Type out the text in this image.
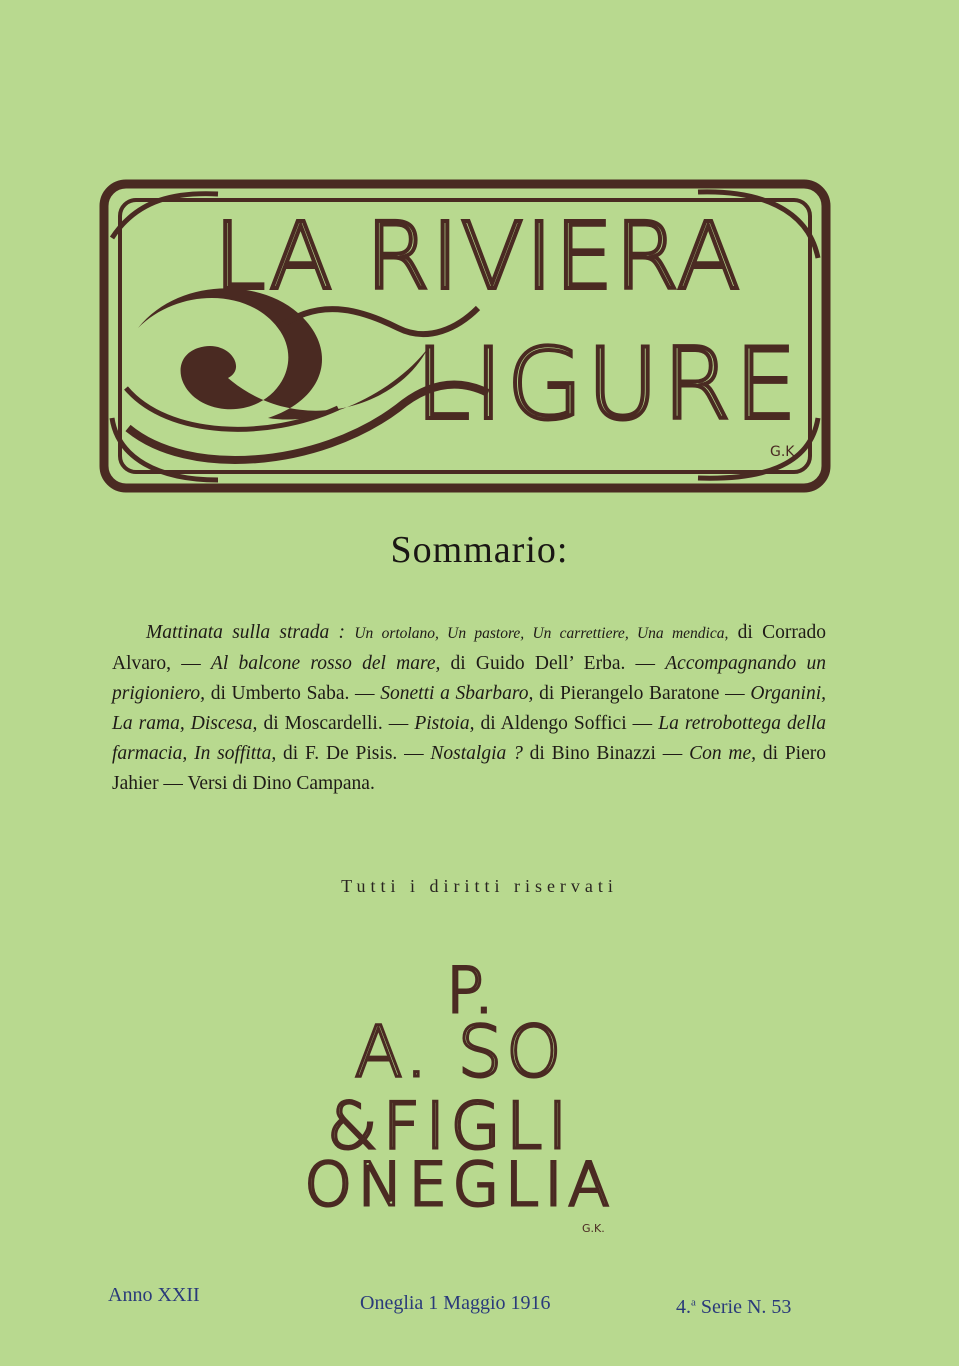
LA RIVIERA
LIGURE
G.K.
Sommario:
Mattinata sulla strada : Un ortolano, Un pastore, Un carrettiere, Una mendica, di Corrado Alvaro, — Al balcone rosso del mare, di Guido Dell’ Erba. — Accompagnando un prigioniero, di Umberto Saba. — Sonetti a Sbarbaro, di Pierangelo Baratone — Organini, La rama, Discesa, di Moscardelli. — Pistoia, di Aldengo Soffici — La retrobottega della farmacia, In soffitta, di F. De Pisis. — Nostalgia ? di Bino Binazzi — Con me, di Piero Jahier — Versi di Dino Campana.
Tutti i diritti riservati
P.
A. SO
&FIGLI
ONEGLIA
G.K.
Anno XXII	Oneglia 1 Maggio 1916	4.$^a$ Serie N. 53
